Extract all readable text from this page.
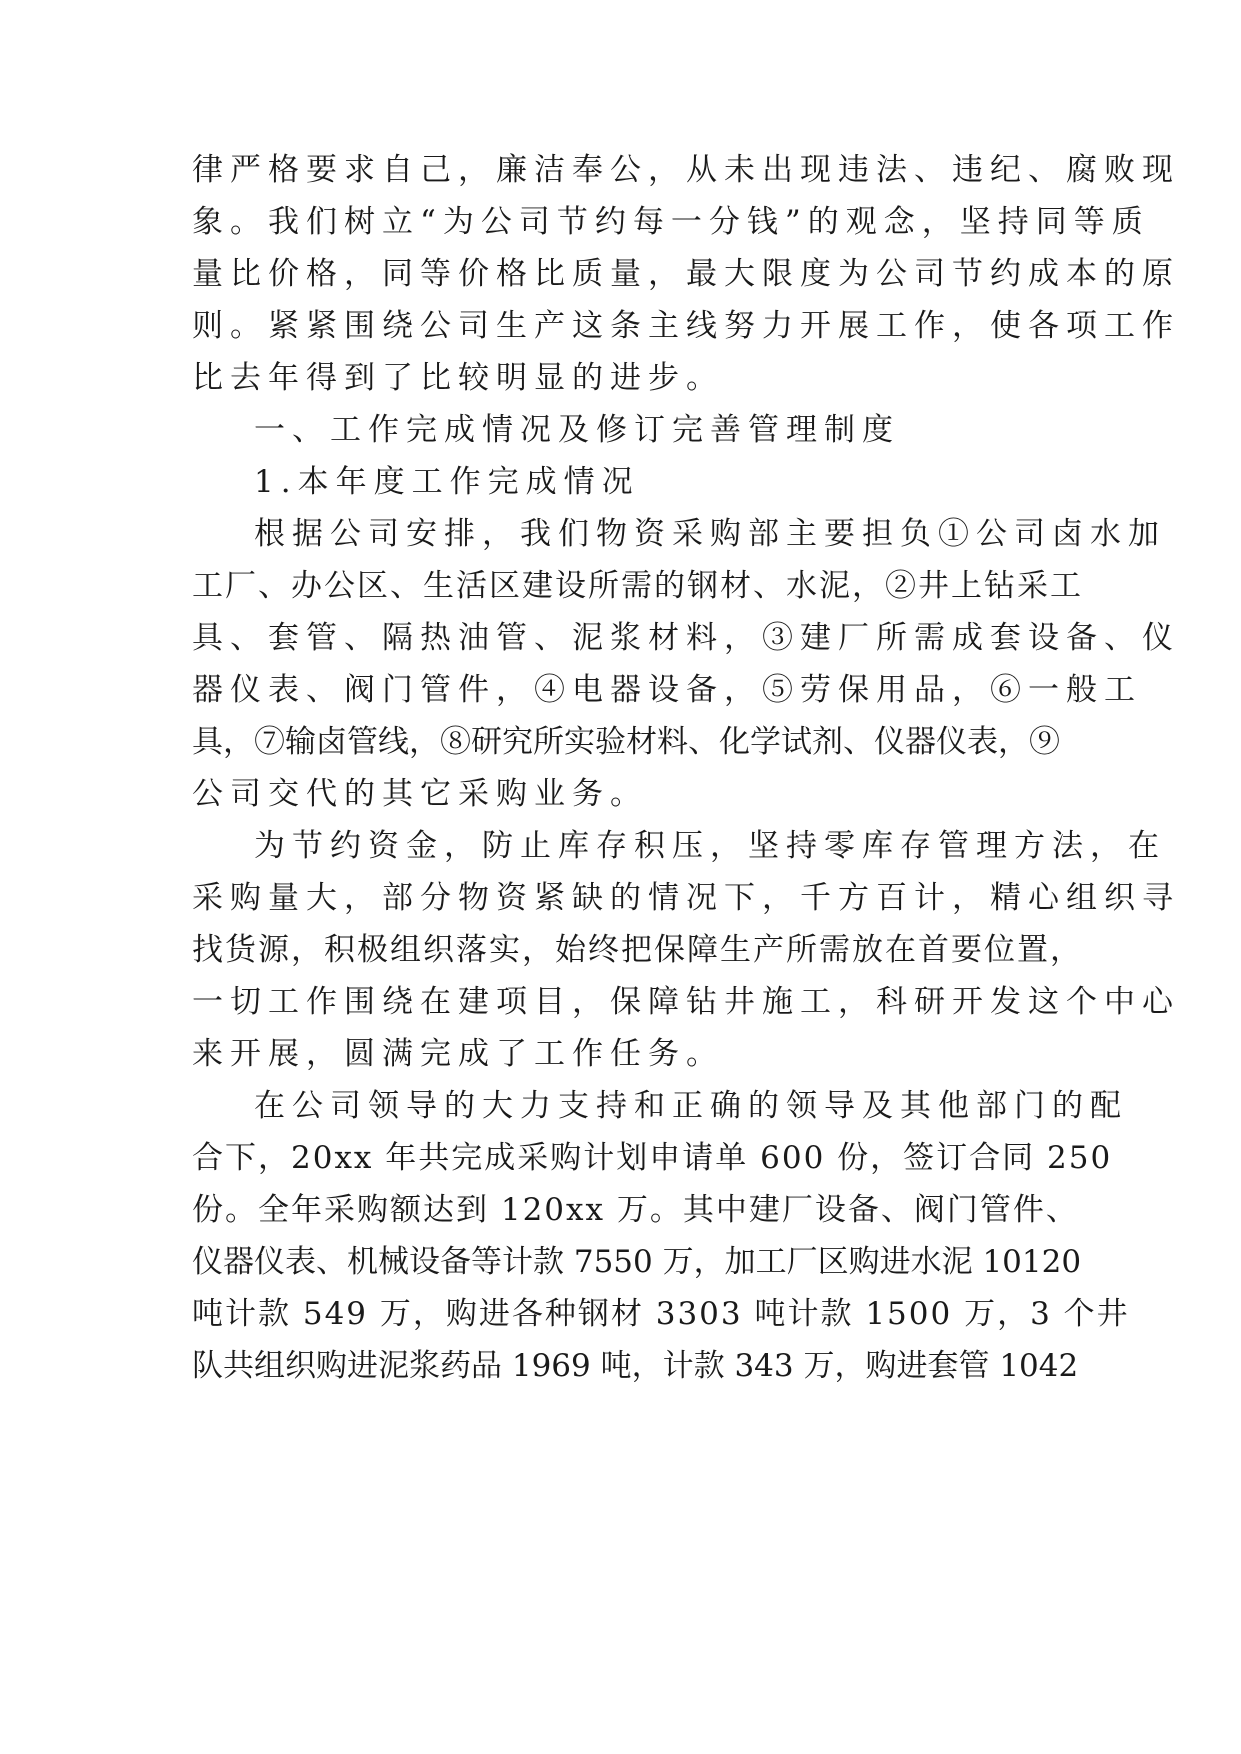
律严格要求自己，廉洁奉公，从未出现违法、违纪、腐败现
象。我们树立“为公司节约每一分钱”的观念，坚持同等质
量比价格，同等价格比质量，最大限度为公司节约成本的原
则。紧紧围绕公司生产这条主线努力开展工作，使各项工作
比去年得到了比较明显的进步。
一、工作完成情况及修订完善管理制度
1.本年度工作完成情况
根据公司安排，我们物资采购部主要担负①公司卤水加
工厂、办公区、生活区建设所需的钢材、水泥，②井上钻采工
具、套管、隔热油管、泥浆材料，③建厂所需成套设备、仪
器仪表、阀门管件，④电器设备，⑤劳保用品，⑥一般工
具，⑦输卤管线，⑧研究所实验材料、化学试剂、仪器仪表，⑨
公司交代的其它采购业务。
为节约资金，防止库存积压，坚持零库存管理方法，在
采购量大，部分物资紧缺的情况下，千方百计，精心组织寻
找货源，积极组织落实，始终把保障生产所需放在首要位置，
一切工作围绕在建项目，保障钻井施工，科研开发这个中心
来开展，圆满完成了工作任务。
在公司领导的大力支持和正确的领导及其他部门的配
合下，20xx 年共完成采购计划申请单 600 份，签订合同 250
份。全年采购额达到 120xx 万。其中建厂设备、阀门管件、
仪器仪表、机械设备等计款 7550 万，加工厂区购进水泥 10120
吨计款 549 万，购进各种钢材 3303 吨计款 1500 万，3 个井
队共组织购进泥浆药品 1969 吨，计款 343 万，购进套管 1042
